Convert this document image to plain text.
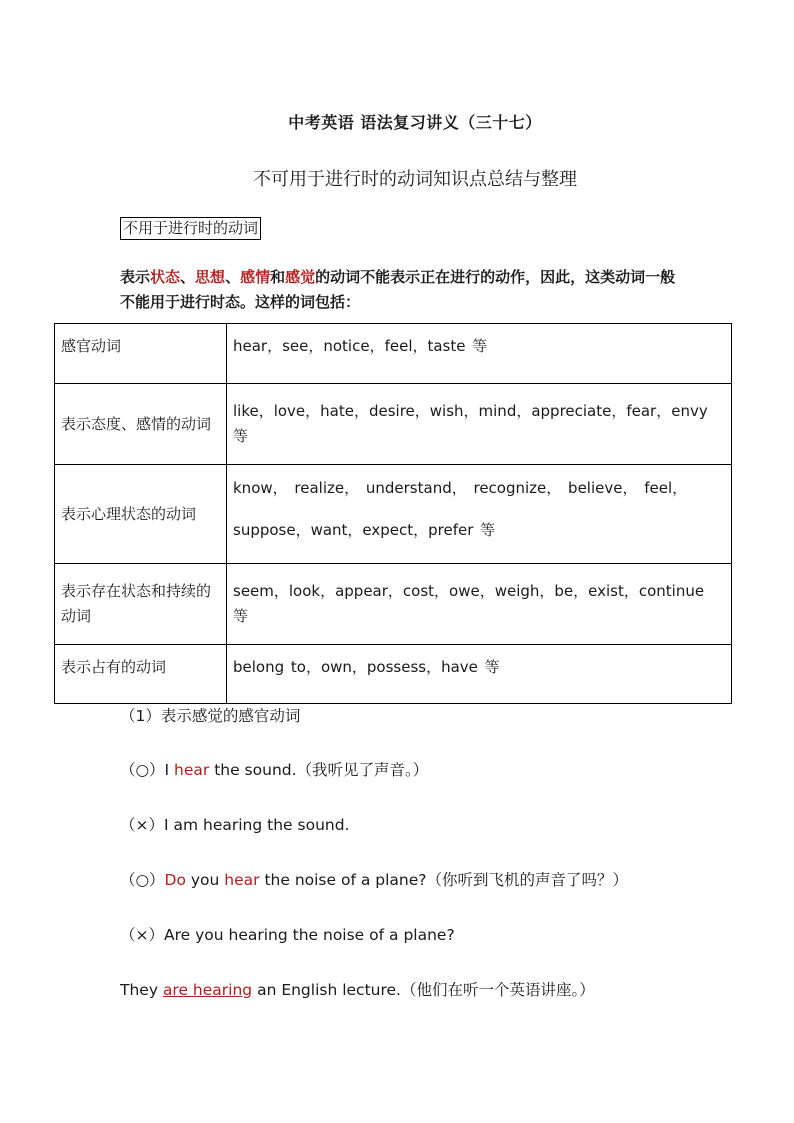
中考英语 语法复习讲义（三十七）
不可用于进行时的动词知识点总结与整理
不用于进行时的动词
表示状态、思想、感情和感觉的动词不能表示正在进行的动作，因此，这类动词一般不能用于进行时态。这样的词包括：
感官动词	hear，see，notice，feel，taste 等
表示态度、感情的动词	like，love，hate，desire，wish，mind，appreciate，fear，envy 等
表示心理状态的动词	know， realize， understand， recognize， believe， feel，suppose，want，expect，prefer 等
表示存在状态和持续的动词	seem，look，appear，cost，owe，weigh，be，exist，continue 等
表示占有的动词	belong to，own，possess，have 等
（1）表示感觉的感官动词
（○）I hear the sound.（我听见了声音。）
（×）I am hearing the sound.
（○）Do you hear the noise of a plane?（你听到飞机的声音了吗？）
（×）Are you hearing the noise of a plane?
They are hearing an English lecture.（他们在听一个英语讲座。）
